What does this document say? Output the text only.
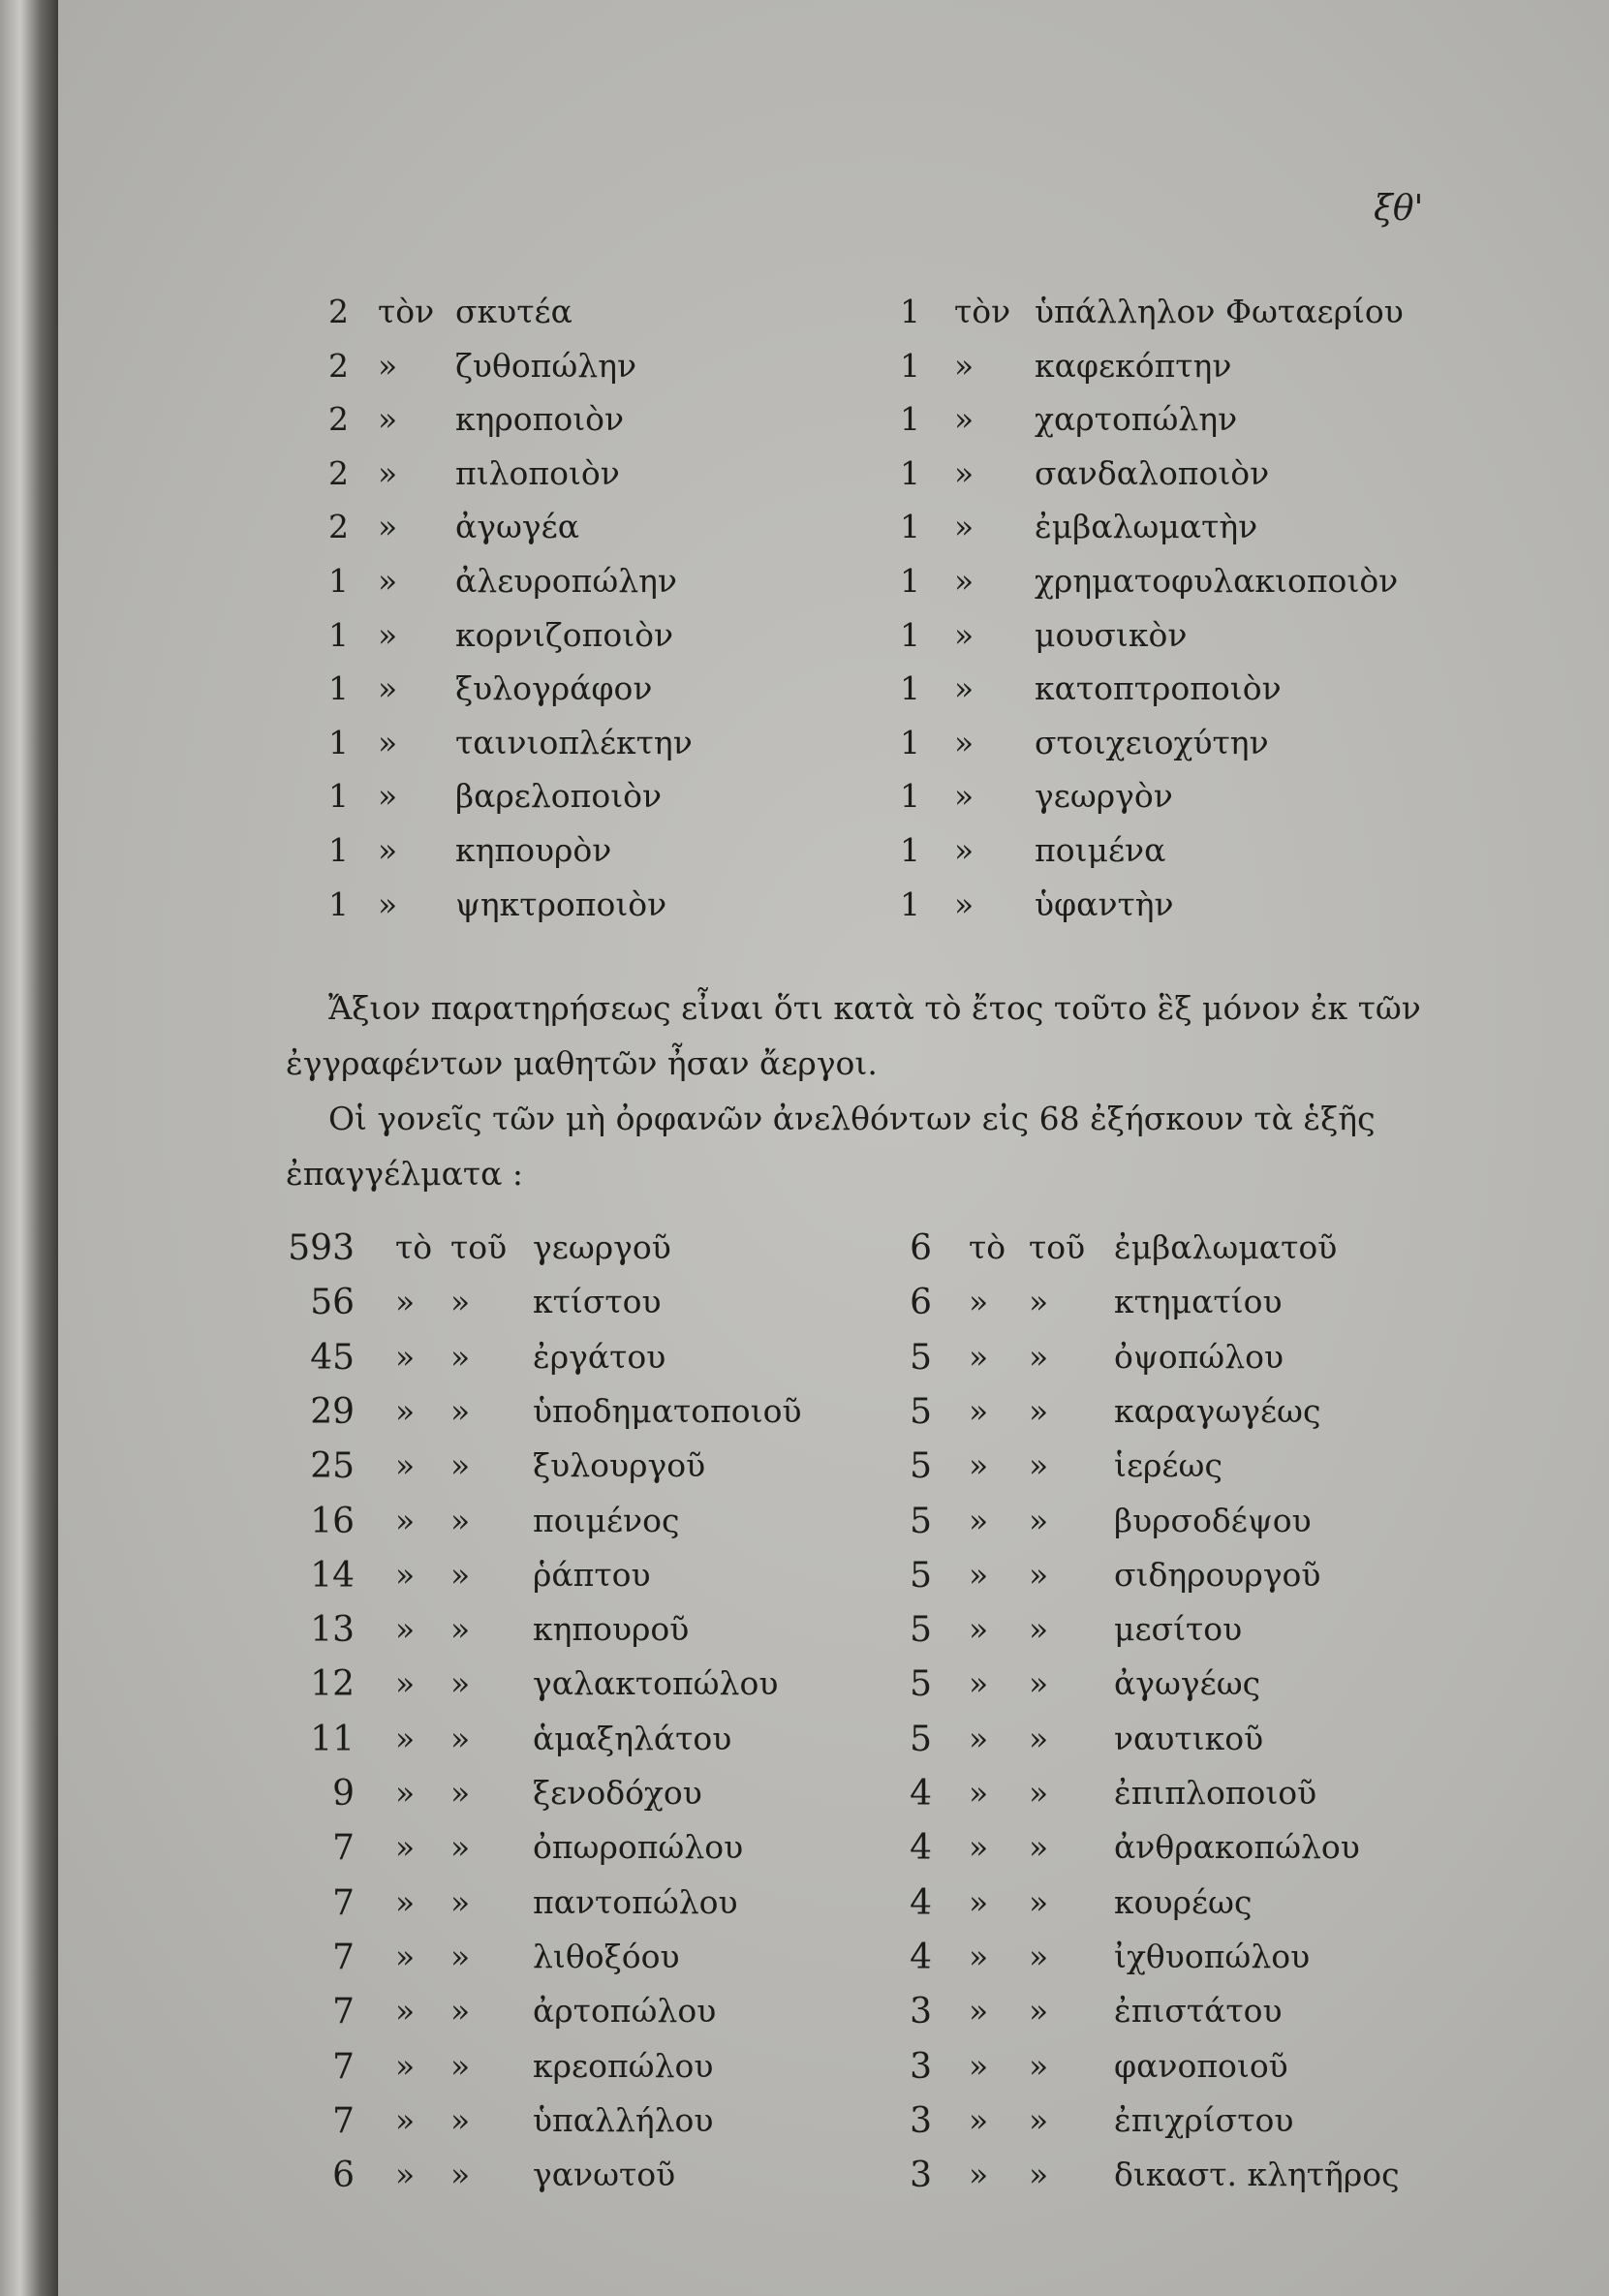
ξθ'
2 τὸν σκυτέα
2 » ζυθοπώλην
2 » κηροποιὸν
2 » πιλοποιὸν
2 » ἀγωγέα
1 » ἀλευροπώλην
1 » κορνιζοποιὸν
1 » ξυλογράφον
1 » ταινιοπλέκτην
1 » βαρελοποιὸν
1 » κηπουρὸν
1 » ψηκτροποιὸν
1 τὸν ὑπάλληλον Φωταερίου
1 » καφεκόπτην
1 » χαρτοπώλην
1 » σανδαλοποιὸν
1 » ἐμβαλωματὴν
1 » χρηματοφυλακιοποιὸν
1 » μουσικὸν
1 » κατοπτροποιὸν
1 » στοιχειοχύτην
1 » γεωργὸν
1 » ποιμένα
1 » ὑφαντὴν

Ἄξιον παρατηρήσεως εἶναι ὅτι κατὰ τὸ ἔτος τοῦτο ἓξ μόνον ἐκ τῶν ἐγγραφέντων μαθητῶν ἦσαν ἄεργοι.

Οἱ γονεῖς τῶν μὴ ὀρφανῶν ἀνελθόντων εἰς 68 ἐξήσκουν τὰ ἑξῆς ἐπαγγέλματα :

593 τὸ τοῦ γεωργοῦ
56 » » κτίστου
45 » » ἐργάτου
29 » » ὑποδηματοποιοῦ
25 » » ξυλουργοῦ
16 » » ποιμένος
14 » » ῥάπτου
13 » » κηπουροῦ
12 » » γαλακτοπώλου
11 » » ἁμαξηλάτου
9 » » ξενοδόχου
7 » » ὀπωροπώλου
7 » » παντοπώλου
7 » » λιθοξόου
7 » » ἀρτοπώλου
7 » » κρεοπώλου
7 » » ὑπαλλήλου
6 » » γανωτοῦ
6 τὸ τοῦ ἐμβαλωματοῦ
6 » » κτηματίου
5 » » ὀψοπώλου
5 » » καραγωγέως
5 » » ἱερέως
5 » » βυρσοδέψου
5 » » σιδηρουργοῦ
5 » » μεσίτου
5 » » ἀγωγέως
5 » » ναυτικοῦ
4 » » ἐπιπλοποιοῦ
4 » » ἀνθρακοπώλου
4 » » κουρέως
4 » » ἰχθυοπώλου
3 » » ἐπιστάτου
3 » » φανοποιοῦ
3 » » ἐπιχρίστου
3 » » δικαστ. κλητῆρος
